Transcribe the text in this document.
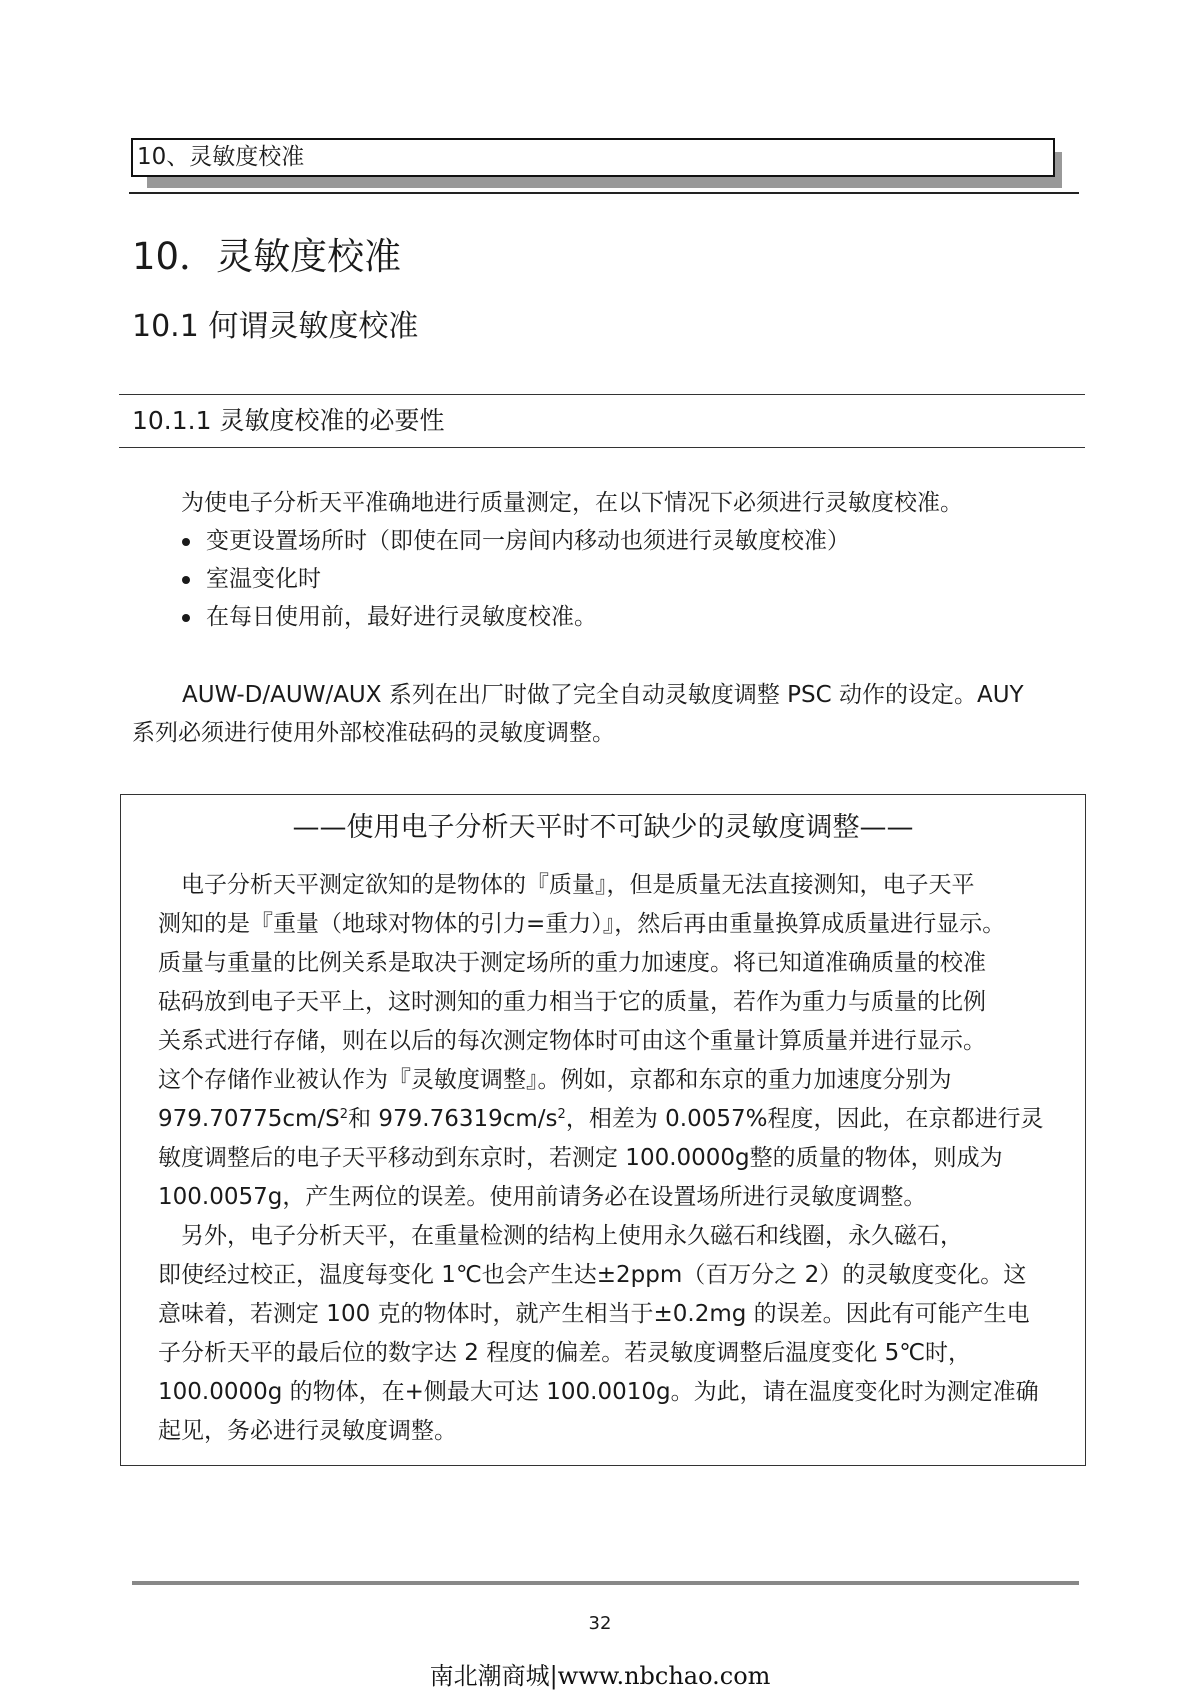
10、灵敏度校准
10．灵敏度校准
10.1 何谓灵敏度校准
10.1.1 灵敏度校准的必要性
为使电子分析天平准确地进行质量测定，在以下情况下必须进行灵敏度校准。
变更设置场所时（即使在同一房间内移动也须进行灵敏度校准）
室温变化时
在每日使用前，最好进行灵敏度校准。
AUW-D/AUW/AUX 系列在出厂时做了完全自动灵敏度调整 PSC 动作的设定。AUY
系列必须进行使用外部校准砝码的灵敏度调整。
——使用电子分析天平时不可缺少的灵敏度调整——
　电子分析天平测定欲知的是物体的『质量』，但是质量无法直接测知，电子天平
测知的是『重量（地球对物体的引力=重力）』，然后再由重量换算成质量进行显示。
质量与重量的比例关系是取决于测定场所的重力加速度。将已知道准确质量的校准
砝码放到电子天平上，这时测知的重力相当于它的质量，若作为重力与质量的比例
关系式进行存储，则在以后的每次测定物体时可由这个重量计算质量并进行显示。
这个存储作业被认作为『灵敏度调整』。例如，京都和东京的重力加速度分别为
$979.70775cm/S^2$和 $979.76319cm/s^2$，相差为 0.0057%程度，因此，在京都进行灵
敏度调整后的电子天平移动到东京时，若测定 100.0000g整的质量的物体，则成为
100.0057g，产生两位的误差。使用前请务必在设置场所进行灵敏度调整。
　另外，电子分析天平，在重量检测的结构上使用永久磁石和线圈，永久磁石，
即使经过校正，温度每变化 1℃也会产生达±2ppm（百万分之 2）的灵敏度变化。这
意味着，若测定 100 克的物体时，就产生相当于±0.2mg 的误差。因此有可能产生电
子分析天平的最后位的数字达 2 程度的偏差。若灵敏度调整后温度变化 5℃时，
100.0000g 的物体，在+侧最大可达 100.0010g。为此，请在温度变化时为测定准确
起见，务必进行灵敏度调整。
32
南北潮商城|www.nbchao.com
